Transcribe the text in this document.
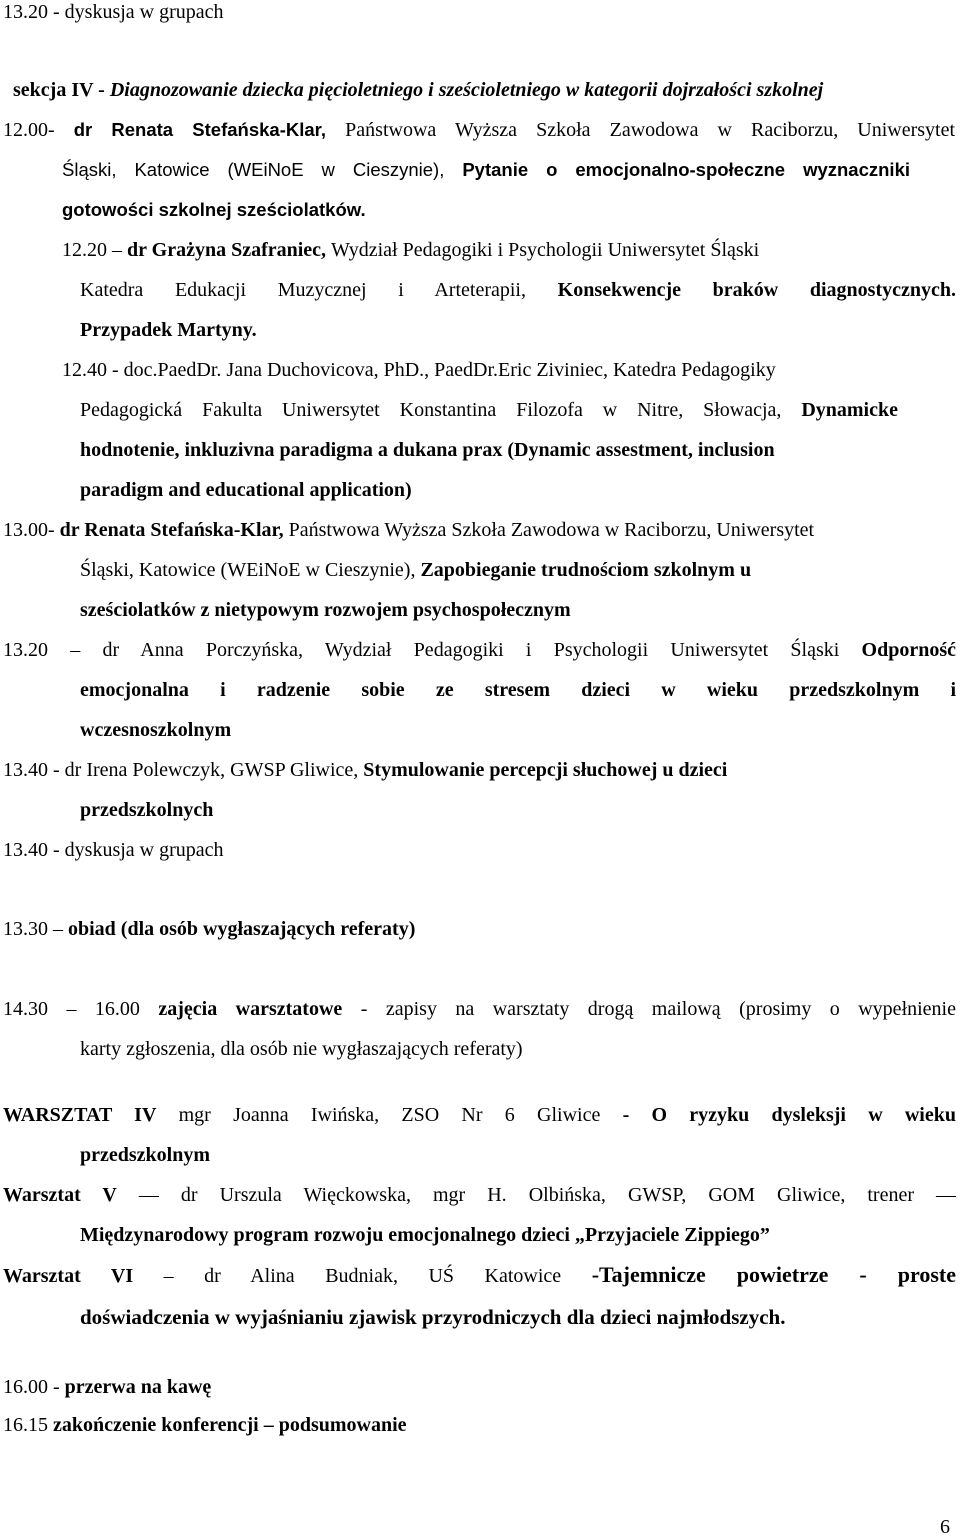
13.20 - dyskusja w grupach
sekcja IV - Diagnozowanie dziecka pięcioletniego i sześcioletniego w kategorii dojrzałości szkolnej
12.00- dr Renata Stefańska-Klar, Państwowa Wyższa Szkoła Zawodowa w Raciborzu, Uniwersytet
Śląski, Katowice (WEiNoE w Cieszynie), Pytanie o emocjonalno-społeczne wyznaczniki
gotowości szkolnej sześciolatków.
12.20 – dr Grażyna Szafraniec, Wydział Pedagogiki i Psychologii Uniwersytet Śląski
Katedra Edukacji Muzycznej i Arteterapii, Konsekwencje braków diagnostycznych.
Przypadek Martyny.
12.40 - doc.PaedDr. Jana Duchovicova, PhD., PaedDr.Eric Ziviniec, Katedra Pedagogiky
Pedagogická Fakulta Uniwersytet Konstantina Filozofa w Nitre, Słowacja, Dynamicke
hodnotenie, inkluzivna paradigma a dukana prax (Dynamic assestment, inclusion
paradigm and educational application)
13.00- dr Renata Stefańska-Klar, Państwowa Wyższa Szkoła Zawodowa w Raciborzu, Uniwersytet
Śląski, Katowice (WEiNoE w Cieszynie), Zapobieganie trudnościom szkolnym u
sześciolatków z nietypowym rozwojem psychospołecznym
13.20 – dr Anna Porczyńska, Wydział Pedagogiki i Psychologii Uniwersytet Śląski Odporność
emocjonalna i radzenie sobie ze stresem dzieci w wieku przedszkolnym i
wczesnoszkolnym
13.40 - dr Irena Polewczyk, GWSP Gliwice, Stymulowanie percepcji słuchowej u dzieci
przedszkolnych
13.40 - dyskusja w grupach
13.30 – obiad (dla osób wygłaszających referaty)
14.30 – 16.00 zajęcia warsztatowe - zapisy na warsztaty drogą mailową (prosimy o wypełnienie
karty zgłoszenia, dla osób nie wygłaszających referaty)
WARSZTAT IV mgr Joanna Iwińska, ZSO Nr 6 Gliwice - O ryzyku dysleksji w wieku
przedszkolnym
Warsztat V — dr Urszula Więckowska, mgr H. Olbińska, GWSP, GOM Gliwice, trener —
Międzynarodowy program rozwoju emocjonalnego dzieci „Przyjaciele Zippiego”
Warsztat VI – dr Alina Budniak, UŚ Katowice -Tajemnicze powietrze - proste
doświadczenia w wyjaśnianiu zjawisk przyrodniczych dla dzieci najmłodszych.
16.00 - przerwa na kawę
16.15 zakończenie konferencji – podsumowanie
6
